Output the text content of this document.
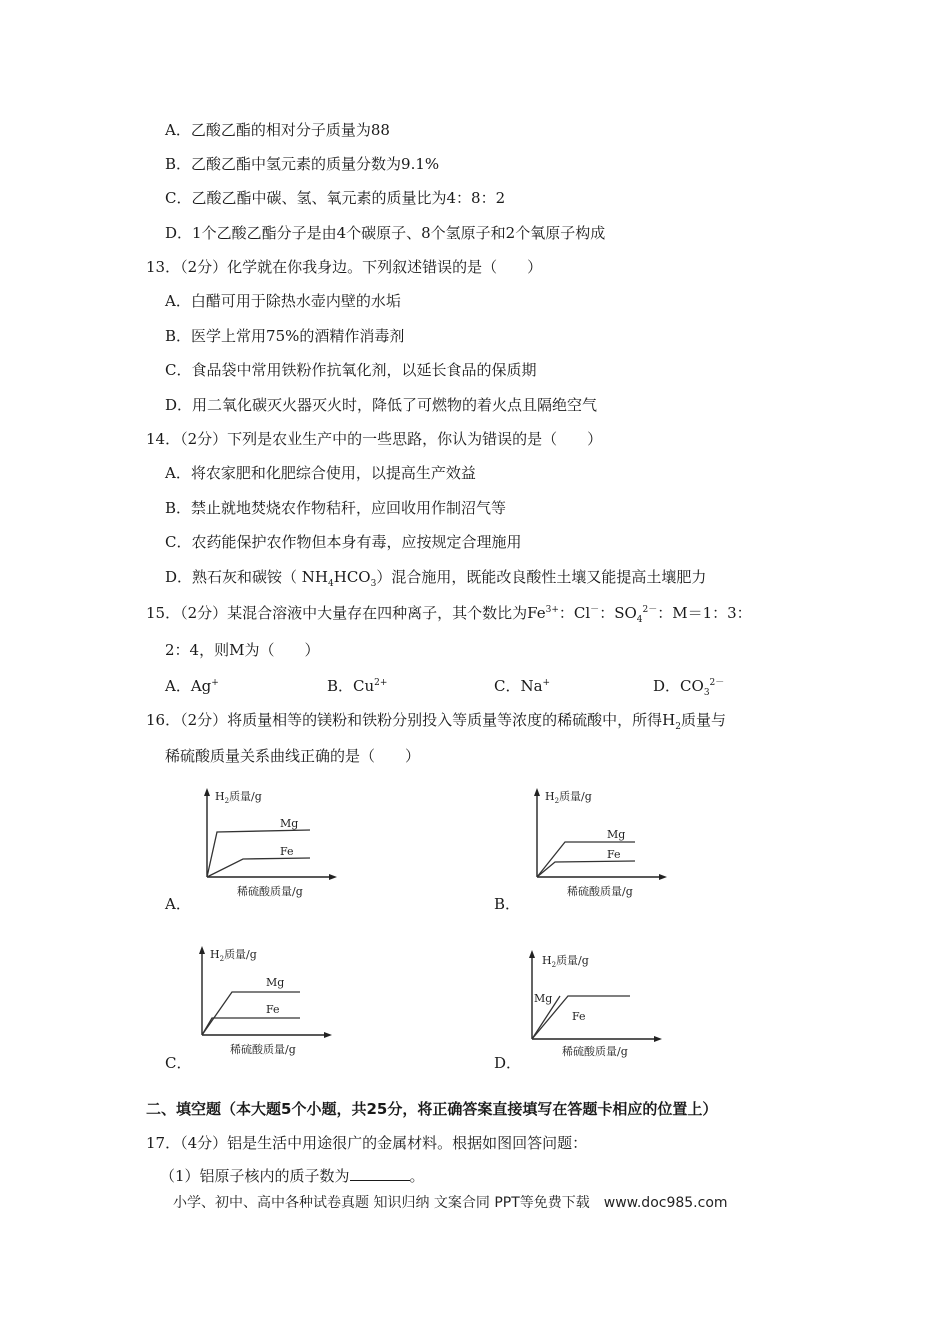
A．乙酸乙酯的相对分子质量为88
B．乙酸乙酯中氢元素的质量分数为9.1%
C．乙酸乙酯中碳、氢、氧元素的质量比为4：8：2
D．1个乙酸乙酯分子是由4个碳原子、8个氢原子和2个氧原子构成
13．（2分）化学就在你我身边。下列叙述错误的是（　　）
A．白醋可用于除热水壶内壁的水垢
B．医学上常用75%的酒精作消毒剂
C．食品袋中常用铁粉作抗氧化剂，以延长食品的保质期
D．用二氧化碳灭火器灭火时，降低了可燃物的着火点且隔绝空气
14．（2分）下列是农业生产中的一些思路，你认为错误的是（　　）
A．将农家肥和化肥综合使用，以提高生产效益
B．禁止就地焚烧农作物秸秆，应回收用作制沼气等
C．农药能保护农作物但本身有毒，应按规定合理施用
D．熟石灰和碳铵（ $NH_4HCO_3$）混合施用，既能改良酸性土壤又能提高土壤肥力
15．（2分）某混合溶液中大量存在四种离子，其个数比为$Fe^{3+}$：Cl－：$SO_4^{2-}$：M＝1：3：
2：4，则M为（　　）
A．Ag+	B．$Cu^{2+}$	C．Na+	D．$CO_3^{2-}$
16．（2分）将质量相等的镁粉和铁粉分别投入等质量等浓度的稀硫酸中，所得$H_2$质量与
稀硫酸质量关系曲线正确的是（　　）
$H_2$质量/g
Mg
Fe
稀硫酸质量/g
A．
$H_2$质量/g
Mg
Fe
稀硫酸质量/g
B．
$H_2$质量/g
Mg
Fe
稀硫酸质量/g
C．
$H_2$质量/g
Mg
Fe
稀硫酸质量/g
D．
二、填空题（本大题5个小题，共25分，将正确答案直接填写在答题卡相应的位置上）
17．（4分）铝是生活中用途很广的金属材料。根据如图回答问题：
（1）铝原子核内的质子数为	。
小学、初中、高中各种试卷真题 知识归纳 文案合同 PPT等免费下载　www.doc985.com
